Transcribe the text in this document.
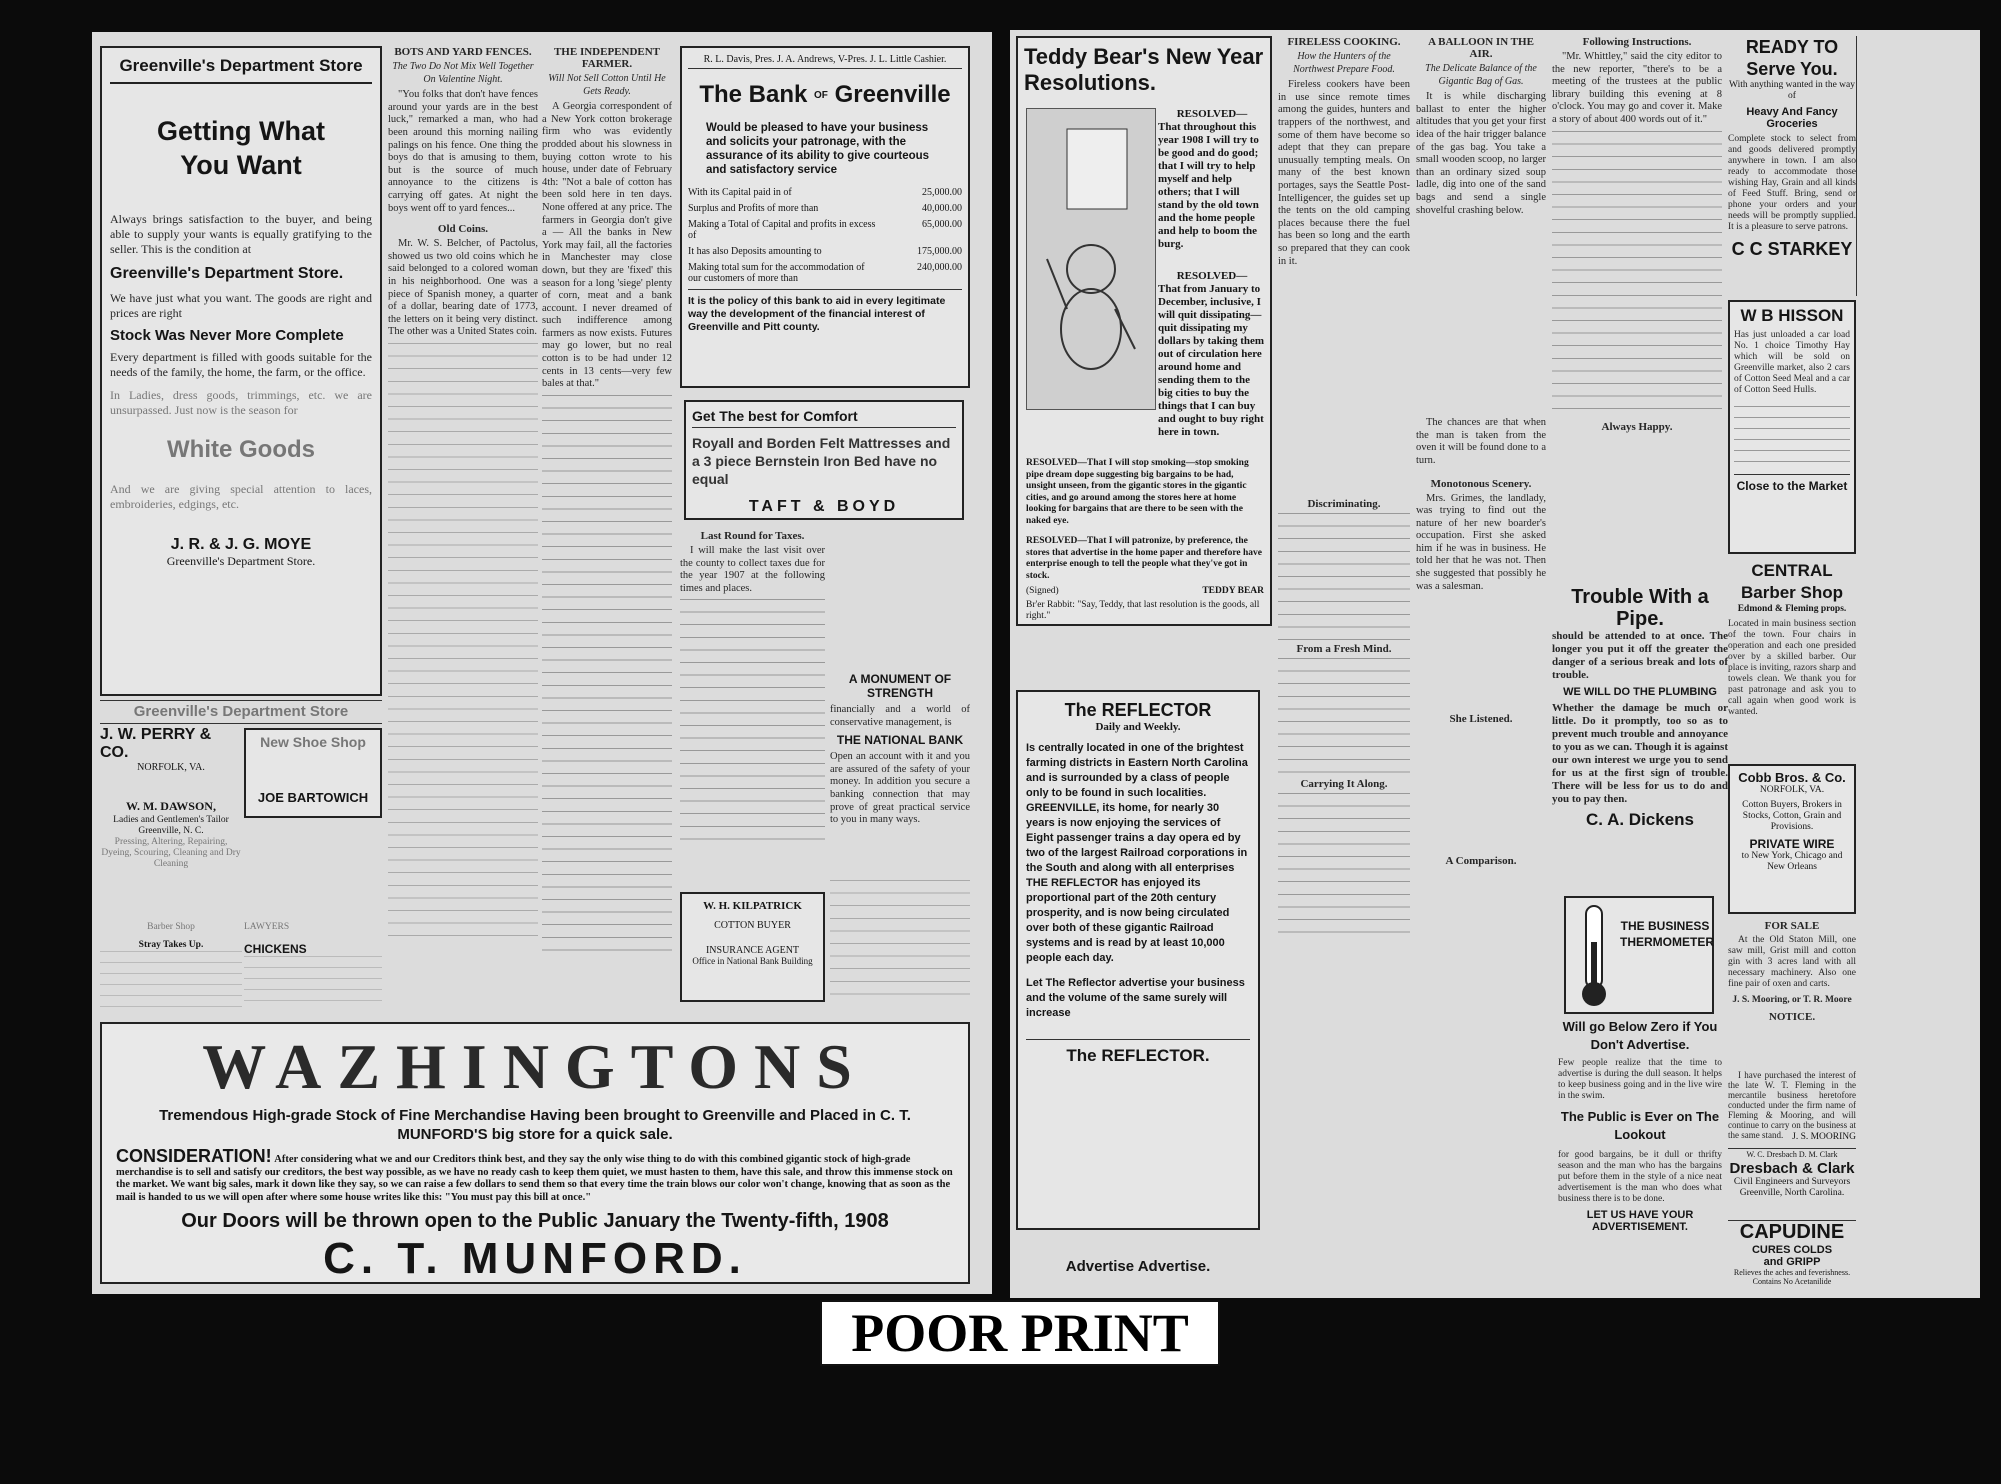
Greenville's Department Store
Getting What You Want
Always brings satisfaction to the buyer, and being able to supply your wants is equally gratifying to the seller. This is the condition at
Greenville's Department Store.
We have just what you want. The goods are right and prices are right
Stock Was Never More Complete
Every department is filled with goods suitable for the needs of the family, the home, the farm, or the office.
In Ladies, dress goods, trimmings, etc. we are unsurpassed. Just now is the season for
White Goods
And we are giving special attention to laces, embroideries, edgings, etc.
J. R. & J. G. MOYE
Greenville's Department Store.
Greenville's Department Store
J. W. PERRY & CO.
NORFOLK, VA.
New Shoe Shop
JOE BARTOWICH
W. M. DAWSON,
Ladies and Gentlemen's Tailor
Greenville, N. C.
Pressing, Altering, Repairing, Dyeing, Scouring, Cleaning and Dry Cleaning
Barber Shop
Stray Takes Up.
LAWYERS
CHICKENS
BOTS AND YARD FENCES.
The Two Do Not Mix Well Together On Valentine Night.

"You folks that don't have fences around your yards are in the best luck," remarked a man, who had been around this morning nailing palings on his fence. One thing the boys do that is amusing to them, but is the source of much annoyance to the citizens is carrying off gates. At night the boys went off to yard fences...

Old Coins.

Mr. W. S. Belcher, of Pactolus, showed us two old coins which he said belonged to a colored woman in his neighborhood. One was a piece of Spanish money, a quarter of a dollar, bearing date of 1773, the letters on it being very distinct. The other was a United States coin.

THE INDEPENDENT FARMER.
Will Not Sell Cotton Until He Gets Ready.

A Georgia correspondent of a New York cotton brokerage firm who was evidently prodded about his slowness in buying cotton wrote to his house, under date of February 4th: "Not a bale of cotton has been sold here in ten days. None offered at any price. The farmers in Georgia don't give a — All the banks in New York may fail, all the factories in Manchester may close down, but they are 'fixed' this season for a long 'siege' plenty of corn, meat and a bank account. I never dreamed of such indifference among farmers as now exists. Futures may go lower, but no real cotton is to be had under 12 cents in 13 cents—very few bales at that."

R. L. Davis, Pres. J. A. Andrews, V-Pres. J. L. Little Cashier.
The Bank OF Greenville
Would be pleased to have your business and solicits your patronage, with the assurance of its ability to give courteous and satisfactory service
With its Capital paid in of	25,000.00
Surplus and Profits of more than	40,000.00
Making a Total of Capital and profits in excess of
65,000.00
It has also Deposits amounting to	175,000.00
Making total sum for the accommodation of our customers of more than
240,000.00
It is the policy of this bank to aid in every legitimate way the development of the financial interest of Greenville and Pitt county.
Get The best for Comfort
Royall and Borden Felt Mattresses and a 3 piece Bernstein Iron Bed have no equal
TAFT & BOYD
Last Round for Taxes.

I will make the last visit over the county to collect taxes due for the year 1907 at the following times and places.

A MONUMENT OF STRENGTH
financially and a world of conservative management, is
THE NATIONAL BANK
Open an account with it and you are assured of the safety of your money. In addition you secure a banking connection that may prove of great practical service to you in many ways.
W. H. KILPATRICK
COTTON BUYER
INSURANCE AGENT
Office in National Bank Building
WAZHINGTONS
Tremendous High-grade Stock of Fine Merchandise Having been brought to Greenville and Placed in C. T. MUNFORD'S big store for a quick sale.
CONSIDERATION! After considering what we and our Creditors think best, and they say the only wise thing to do with this combined gigantic stock of high-grade merchandise is to sell and satisfy our creditors, the best way possible, as we have no ready cash to keep them quiet, we must hasten to them, have this sale, and throw this immense stock on the market. We want big sales, mark it down like they say, so we can raise a few dollars to send them so that every time the train blows our color won't change, knowing that as soon as the mail is handed to us we will open after where some house writes like this: "You must pay this bill at once."
Our Doors will be thrown open to the Public January the Twenty-fifth, 1908
C. T. MUNFORD.
Teddy Bear's New Year Resolutions.
RESOLVED—
That throughout this year 1908 I will try to be good and do good; that I will try to help myself and help others; that I will stand by the old town and the home people and help to boom the burg.
RESOLVED—
That from January to December, inclusive, I will quit dissipating—quit dissipating my dollars by taking them out of circulation here around home and sending them to the big cities to buy the things that I can buy and ought to buy right here in town.
RESOLVED—That I will stop smoking—stop smoking pipe dream dope suggesting big bargains to be had, unsight unseen, from the gigantic stores in the gigantic cities, and go around among the stores here at home looking for bargains that are there to be seen with the naked eye.
RESOLVED—That I will patronize, by preference, the stores that advertise in the home paper and therefore have enterprise enough to tell the people what they've got in stock.
(Signed)	TEDDY BEAR
Br'er Rabbit: "Say, Teddy, that last resolution is the goods, all right."
The REFLECTOR
Daily and Weekly.
Is centrally located in one of the brightest farming districts in Eastern North Carolina and is surrounded by a class of people only to be found in such localities. GREENVILLE, its home, for nearly 30 years is now enjoying the services of Eight passenger trains a day opera ed by two of the largest Railroad corporations in the South and along with all enterprises THE REFLECTOR has enjoyed its proportional part of the 20th century prosperity, and is now being circulated over both of these gigantic Railroad systems and is read by at least 10,000 people each day.
Let The Reflector advertise your business and the volume of the same surely will increase
The REFLECTOR.
Advertise Advertise.
FIRELESS COOKING.
How the Hunters of the Northwest Prepare Food.

Fireless cookers have been in use since remote times among the guides, hunters and trappers of the northwest, and some of them have become so adept that they can prepare unusually tempting meals. On many of the best known portages, says the Seattle Post-Intelligencer, the guides set up the tents on the old camping places because there the fuel has been so long and the earth so prepared that they can cook in it.

Discriminating.
From a Fresh Mind.
Carrying It Along.
A BALLOON IN THE AIR.
The Delicate Balance of the Gigantic Bag of Gas.

It is while discharging ballast to enter the higher altitudes that you get your first idea of the hair trigger balance of the gas bag. You take a small wooden scoop, no larger than an ordinary sized soup ladle, dig into one of the sand bags and send a single shovelful crashing below.

The chances are that when the man is taken from the oven it will be found done to a turn.

Monotonous Scenery.

Mrs. Grimes, the landlady, was trying to find out the nature of her new boarder's occupation. First she asked him if he was in business. He told her that he was not. Then she suggested that possibly he was a salesman.

She Listened.
A Comparison.
Following Instructions.

"Mr. Whittley," said the city editor to the new reporter, "there's to be a meeting of the trustees at the public library building this evening at 8 o'clock. You may go and cover it. Make a story of about 400 words out of it."

Always Happy.
Trouble With a Pipe.
should be attended to at once. The longer you put it off the greater the danger of a serious break and lots of trouble.
WE WILL DO THE PLUMBING
Whether the damage be much or little. Do it promptly, too so as to prevent much trouble and annoyance to you as we can. Though it is against our own interest we urge you to send for us at the first sign of trouble. There will be less for us to do and you to pay then.
C. A. Dickens
THE BUSINESS THERMOMETER
Will go Below Zero if You Don't Advertise.
Few people realize that the time to advertise is during the dull season. It helps to keep business going and in the live wire in the swim.
The Public is Ever on The Lookout
for good bargains, be it dull or thrifty season and the man who has the bargains put before them in the style of a nice neat advertisement is the man who does what business there is to be done.
LET US HAVE YOUR ADVERTISEMENT.
READY TO Serve You.
With anything wanted in the way of
Heavy And Fancy Groceries
Complete stock to select from and goods delivered promptly anywhere in town. I am also ready to accommodate those wishing Hay, Grain and all kinds of Feed Stuff. Bring, send or phone your orders and your needs will be promptly supplied. It is a pleasure to serve patrons.
C C STARKEY
W B HISSON
Has just unloaded a car load No. 1 choice Timothy Hay which will be sold on Greenville market, also 2 cars of Cotton Seed Meal and a car of Cotton Seed Hulls.
Close to the Market
CENTRAL Barber Shop
Edmond & Fleming props.
Located in main business section of the town. Four chairs in operation and each one presided over by a skilled barber. Our place is inviting, razors sharp and towels clean. We thank you for past patronage and ask you to call again when good work is wanted.
Cobb Bros. & Co.
NORFOLK, VA.
Cotton Buyers, Brokers in Stocks, Cotton, Grain and Provisions.
PRIVATE WIRE
to New York, Chicago and New Orleans
FOR SALE

At the Old Staton Mill, one saw mill, Grist mill and cotton gin with 3 acres land with all necessary machinery. Also one fine pair of oxen and carts.

J. S. Mooring, or T. R. Moore
NOTICE.

I have purchased the interest of the late W. T. Fleming in the mercantile business heretofore conducted under the firm name of Fleming & Mooring, and will continue to carry on the business at the same stand. J. S. MOORING
W. C. Dresbach D. M. Clark
Dresbach & Clark
Civil Engineers and Surveyors
Greenville, North Carolina.
CAPUDINE
CURES COLDS
and GRIPP
Relieves the aches and feverishness. Contains No Acetanilide
POOR PRINT
